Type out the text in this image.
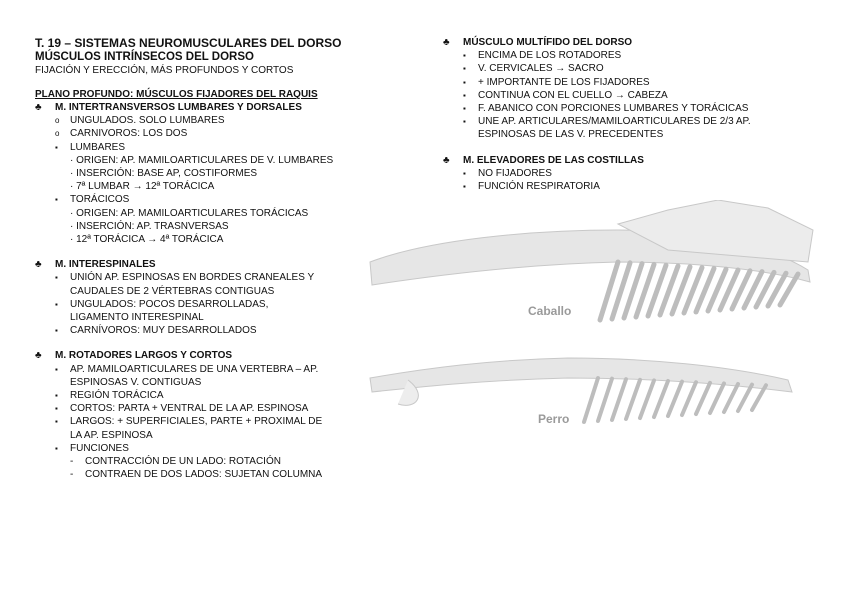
T. 19 – SISTEMAS NEUROMUSCULARES DEL DORSO
MÚSCULOS INTRÍNSECOS DEL DORSO
FIJACIÓN Y ERECCIÓN, MÁS PROFUNDOS Y CORTOS
PLANO PROFUNDO: MÚSCULOS FIJADORES DEL RAQUIS
♣	M. INTERTRANSVERSOS LUMBARES Y DORSALES
o
UNGULADOS. SOLO LUMBARES
o
CARNIVOROS: LOS DOS
▪
LUMBARES
· ORIGEN: AP. MAMILOARTICULARES DE V. LUMBARES
· INSERCIÓN: BASE AP, COSTIFORMES
· 7ª LUMBAR → 12ª TORÁCICA
▪
TORÁCICOS
· ORIGEN: AP. MAMILOARTICULARES TORÁCICAS
· INSERCIÓN: AP. TRASNVERSAS
· 12ª TORÁCICA → 4ª TORÁCICA
♣	M. INTERESPINALES
▪
UNIÓN AP. ESPINOSAS EN BORDES CRANEALES Y
CAUDALES DE 2 VÉRTEBRAS CONTIGUAS
▪
UNGULADOS: POCOS DESARROLLADAS,
LIGAMENTO INTERESPINAL
▪
CARNÍVOROS: MUY DESARROLLADOS
♣	M. ROTADORES LARGOS Y CORTOS
▪
AP. MAMILOARTICULARES DE UNA VERTEBRA – AP.
ESPINOSAS V. CONTIGUAS
▪
REGIÓN TORÁCICA
▪
CORTOS: PARTA + VENTRAL DE LA AP. ESPINOSA
▪
LARGOS: + SUPERFICIALES, PARTE + PROXIMAL DE
LA AP. ESPINOSA
▪
FUNCIONES
-
CONTRACCIÓN DE UN LADO: ROTACIÓN
-
CONTRAEN DE DOS LADOS: SUJETAN COLUMNA
♣	MÚSCULO MULTÍFIDO DEL DORSO
▪
ENCIMA DE LOS ROTADORES
▪
V. CERVICALES → SACRO
▪
+ IMPORTANTE DE LOS FIJADORES
▪
CONTINUA CON EL CUELLO → CABEZA
▪
F. ABANICO CON PORCIONES LUMBARES Y TORÁCICAS
▪
UNE AP. ARTICULARES/MAMILOARTICULARES DE 2/3 AP.
ESPINOSAS DE LAS V. PRECEDENTES
♣	M. ELEVADORES DE LAS COSTILLAS
▪
NO FIJADORES
▪
FUNCIÓN RESPIRATORIA
Caballo
Perro
